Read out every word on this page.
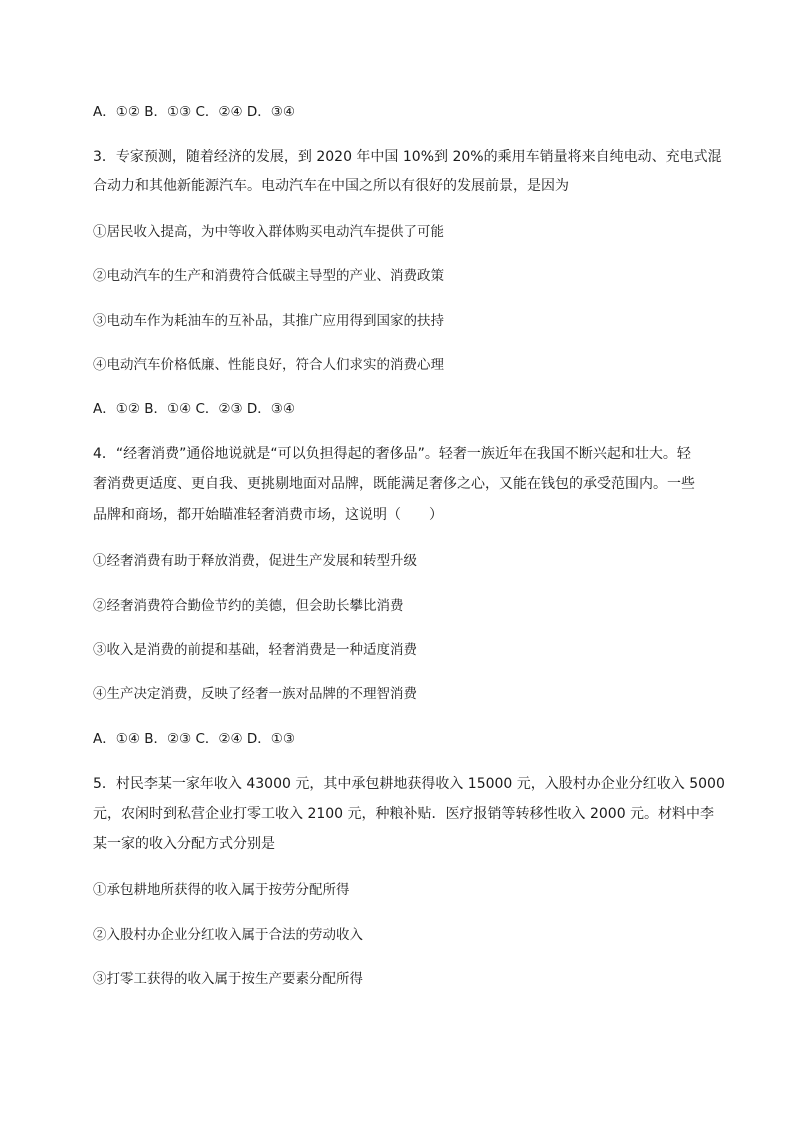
A．①② B．①③ C．②④ D．③④
3．专家预测，随着经济的发展，到 2020 年中国 10%到 20%的乘用车销量将来自纯电动、充电式混
合动力和其他新能源汽车。电动汽车在中国之所以有很好的发展前景，是因为
①居民收入提高，为中等收入群体购买电动汽车提供了可能
②电动汽车的生产和消费符合低碳主导型的产业、消费政策
③电动车作为耗油车的互补品，其推广应用得到国家的扶持
④电动汽车价格低廉、性能良好，符合人们求实的消费心理
A．①② B．①④ C．②③ D．③④
4．“经奢消费”通俗地说就是“可以负担得起的奢侈品”。轻奢一族近年在我国不断兴起和壮大。轻
奢消费更适度、更自我、更挑剔地面对品牌，既能满足奢侈之心，又能在钱包的承受范围内。一些
品牌和商场，都开始瞄准轻奢消费市场，这说明（　　）
①经奢消费有助于释放消费，促进生产发展和转型升级
②经奢消费符合勤俭节约的美德，但会助长攀比消费
③收入是消费的前提和基础，轻奢消费是一种适度消费
④生产决定消费，反映了经奢一族对品牌的不理智消费
A．①④ B．②③ C．②④ D．①③
5．村民李某一家年收入 43000 元，其中承包耕地获得收入 15000 元，入股村办企业分红收入 5000
元，农闲时到私营企业打零工收入 2100 元，种粮补贴．医疗报销等转移性收入 2000 元。材料中李
某一家的收入分配方式分别是
①承包耕地所获得的收入属于按劳分配所得
②入股村办企业分红收入属于合法的劳动收入
③打零工获得的收入属于按生产要素分配所得
